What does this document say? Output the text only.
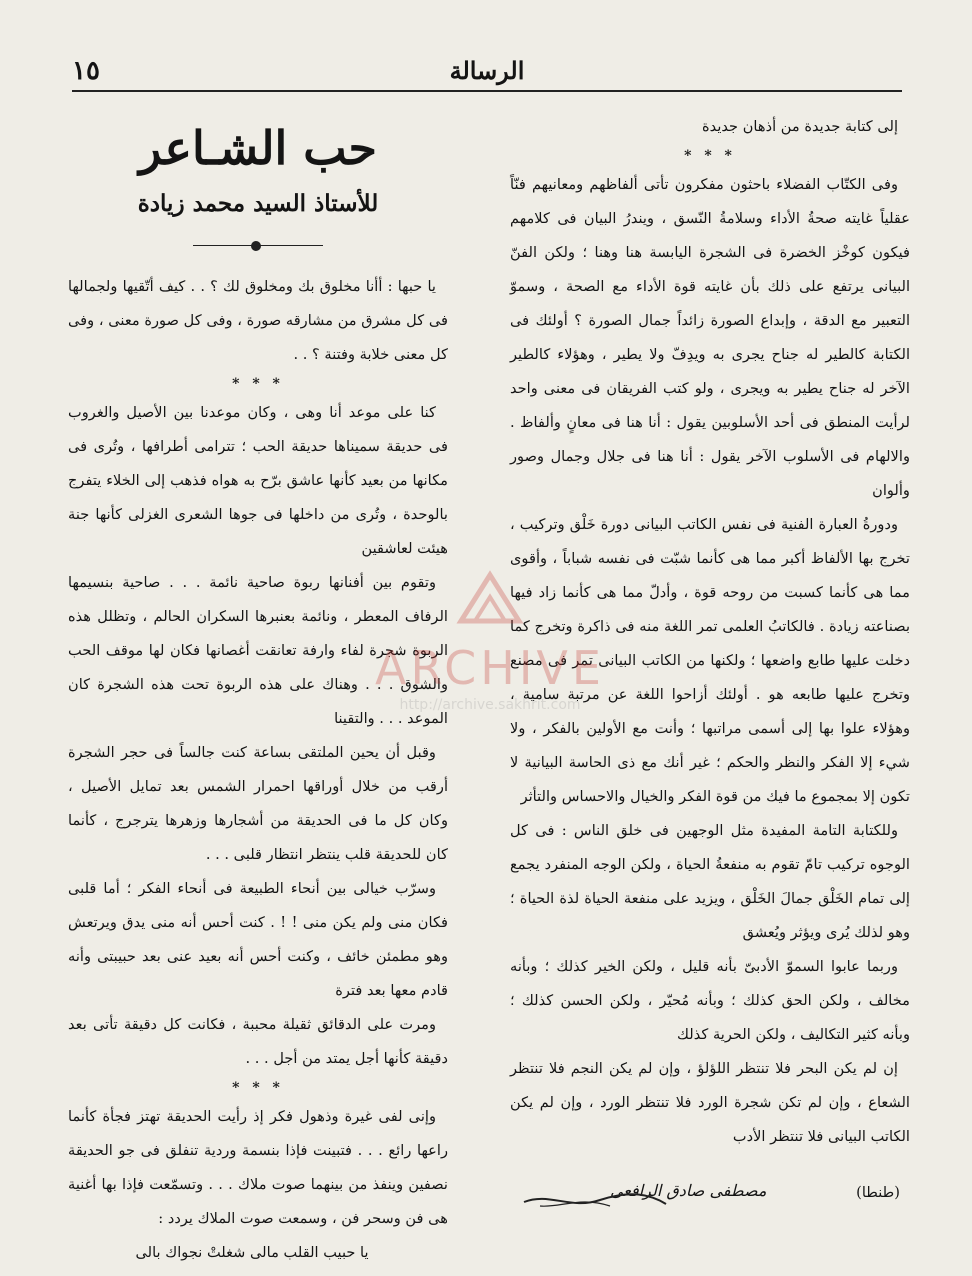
١٥	الرسالة

إلى كتابة جديدة من أذهان جديدة

* * *

وفى الكتّاب الفضلاء باحثون مفكرون تأتى ألفاظهم ومعانيهم فنّاً عقلياً غايته صحةُ الأداء وسلامةُ النّسق ، ويندرُ البيان فى كلامهم فيكون كوخْز الخضرة فى الشجرة اليابسة هنا وهنا ؛ ولكن الفنّ البيانى يرتفع على ذلك بأن غايته قوة الأداء مع الصحة ، وسموّ التعبير مع الدقة ، وإبداع الصورة زائداً جمال الصورة ؟ أولئك فى الكتابة كالطير له جناح يجرى به ويدِفّ ولا يطير ، وهؤلاء كالطير الآخر له جناح يطير به ويجرى ، ولو كتب الفريقان فى معنى واحد لرأيت المنطق فى أحد الأسلوبين يقول : أنا هنا فى معانٍ وألفاظ . والالهام فى الأسلوب الآخر يقول : أنا هنا فى جلال وجمال وصور وألوان

ودورةُ العبارة الفنية فى نفس الكاتب البيانى دورة خَلْق وتركيب ، تخرج بها الألفاظ أكبر مما هى كأنما شبّت فى نفسه شباباً ، وأقوى مما هى كأنما كسبت من روحه قوة ، وأدلّ مما هى كأنما زاد فيها بصناعته زيادة . فالكاتبُ العلمى تمر اللغة منه فى ذاكرة وتخرج كما دخلت عليها طابع واضعها ؛ ولكنها من الكاتب البيانى تمر فى مصنع وتخرج عليها طابعه هو . أولئك أزاحوا اللغة عن مرتبة سامية ، وهؤلاء علوا بها إلى أسمى مراتبها ؛ وأنت مع الأولين بالفكر ، ولا شيء إلا الفكر والنظر والحكم ؛ غير أنك مع ذى الحاسة البيانية لا تكون إلا بمجموع ما فيك من قوة الفكر والخيال والاحساس والتأثر

وللكتابة التامة المفيدة مثل الوجهين فى خلق الناس : فى كل الوجوه تركيب تامّ تقوم به منفعةُ الحياة ، ولكن الوجه المنفرد يجمع إلى تمام الخَلْق جمالَ الخَلْق ، ويزيد على منفعة الحياة لذة الحياة ؛ وهو لذلك يُرى ويؤثر ويُعشق

وربما عابوا السموّ الأدبىّ بأنه قليل ، ولكن الخير كذلك ؛ وبأنه مخالف ، ولكن الحق كذلك ؛ وبأنه مُحيّر ، ولكن الحسن كذلك ؛ وبأنه كثير التكاليف ، ولكن الحرية كذلك

إن لم يكن البحر فلا تنتظر اللؤلؤ ، وإن لم يكن النجم فلا تنتظر الشعاع ، وإن لم تكن شجرة الورد فلا تنتظر الورد ، وإن لم يكن الكاتب البيانى فلا تنتظر الأدب

(طنطا)
مصطفى صادق الرافعى
حب الشـاعر
للأستاذ السيد محمد زيادة

يا حبها : أأنا مخلوق بك ومخلوق لك ؟ . . كيف أتّقيها ولجمالها فى كل مشرق من مشارقه صورة ، وفى كل صورة معنى ، وفى كل معنى خلابة وفتنة ؟ . .

* * *

كنا على موعد أنا وهى ، وكان موعدنا بين الأصيل والغروب فى حديقة سميناها حديقة الحب ؛ تترامى أطرافها ، وتُرى فى مكانها من بعيد كأنها عاشق برّح به هواه فذهب إلى الخلاء يتفرج بالوحدة ، وتُرى من داخلها فى جوها الشعرى الغزلى كأنها جنة هيئت لعاشقين

وتقوم بين أفنانها ربوة صاحية نائمة . . . صاحية بنسيمها الرفاف المعطر ، ونائمة بعنبرها السكران الحالم ، وتظلل هذه الربوة شجرة لفاء وارفة تعانقت أغصانها فكان لها موقف الحب والشوق . . . وهناك على هذه الربوة تحت هذه الشجرة كان الموعد . . . والتقينا

وقبل أن يحين الملتقى بساعة كنت جالساً فى حجر الشجرة أرقب من خلال أوراقها احمرار الشمس بعد تمايل الأصيل ، وكان كل ما فى الحديقة من أشجارها وزهرها يترجرج ، كأنما كان للحديقة قلب ينتظر انتظار قلبى . . .

وسرّب خيالى بين أنحاء الطبيعة فى أنحاء الفكر ؛ أما قلبى فكان منى ولم يكن منى ! ! . كنت أحس أنه منى يدق ويرتعش وهو مطمئن خائف ، وكنت أحس أنه بعيد عنى بعد حبيبتى وأنه قادم معها بعد فترة

ومرت على الدقائق ثقيلة محببة ، فكانت كل دقيقة تأتى بعد دقيقة كأنها أجل يمتد من أجل . . .

* * *

وإنى لفى غيرة وذهول فكر إذ رأيت الحديقة تهتز فجأة كأنما راعها رائع . . . فتبينت فإذا بنسمة وردية تنفلق فى جو الحديقة نصفين وينفذ من بينهما صوت ملاك . . . وتسمّعت فإذا بها أغنية هى فن وسحر فن ، وسمعت صوت الملاك يردد :

يا حبيب القلب مالى شغلتْ نجواك بالى

ARCHIVE
http://archive.sakhrit.com
